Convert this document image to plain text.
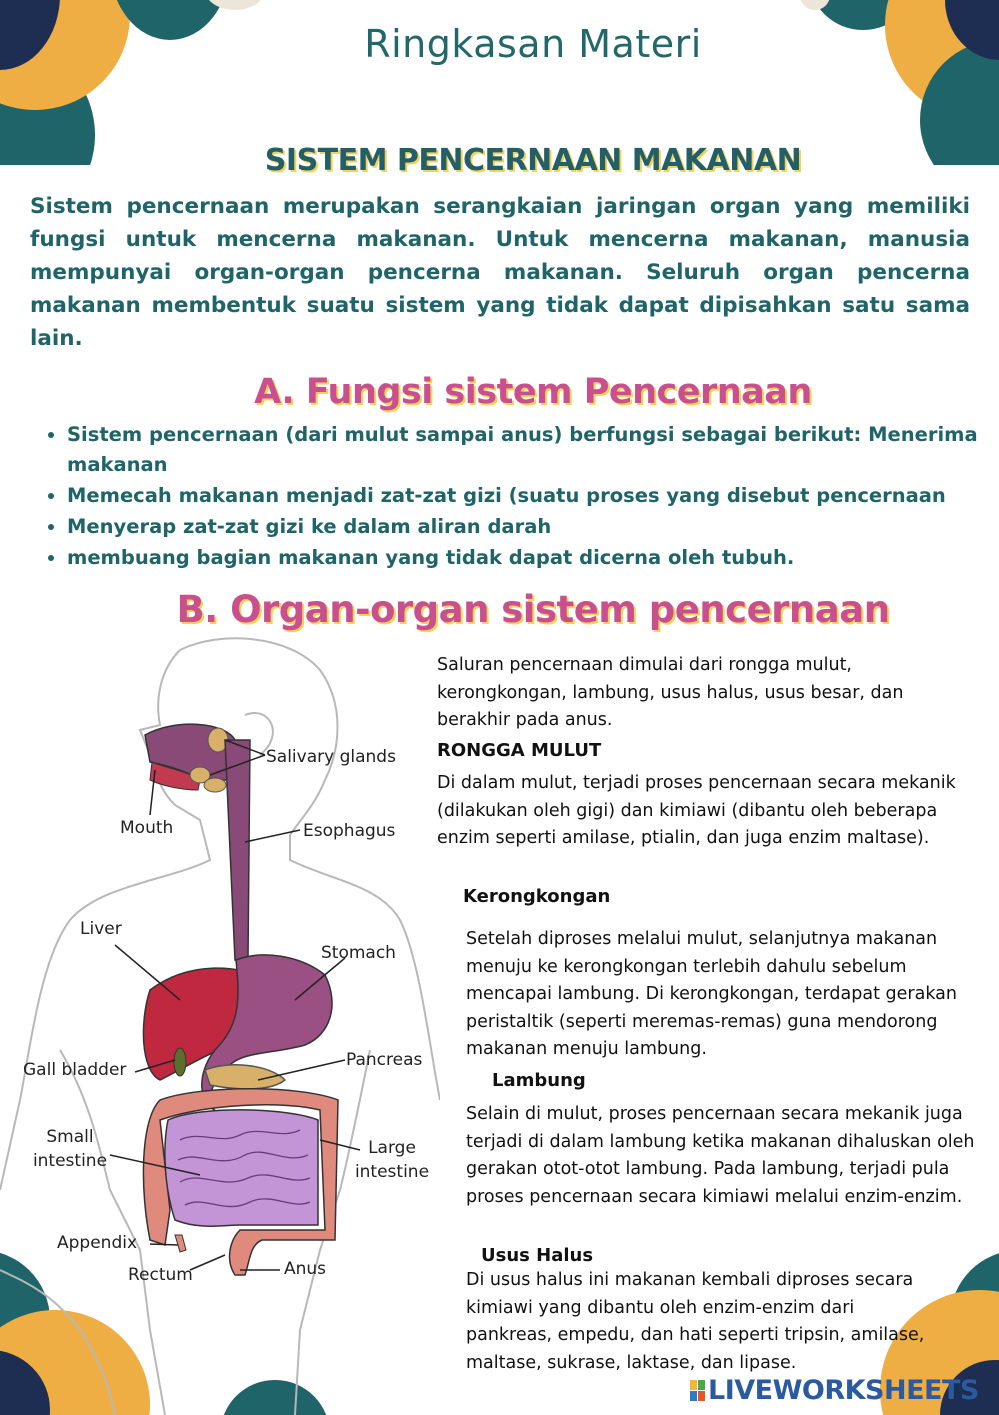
Ringkasan Materi
SISTEM PENCERNAAN MAKANAN
Sistem pencernaan merupakan serangkaian jaringan organ yang memiliki fungsi untuk mencerna makanan. Untuk mencerna makanan, manusia mempunyai organ-organ pencerna makanan. Seluruh organ pencerna makanan membentuk suatu sistem yang tidak dapat dipisahkan satu sama lain.
A. Fungsi sistem Pencernaan
• Sistem pencernaan (dari mulut sampai anus) berfungsi sebagai berikut: Menerima makanan
• Memecah makanan menjadi zat-zat gizi (suatu proses yang disebut pencernaan
• Menyerap zat-zat gizi ke dalam aliran darah
• membuang bagian makanan yang tidak dapat dicerna oleh tubuh.
B. Organ-organ sistem pencernaan
Salivary glands
Mouth	Esophagus
Liver
Stomach
Gall bladder	Pancreas
Small
intestine
Large
intestine
Appendix
Rectum	Anus
Saluran pencernaan dimulai dari rongga mulut, kerongkongan, lambung, usus halus, usus besar, dan berakhir pada anus.
RONGGA MULUT
Di dalam mulut, terjadi proses pencernaan secara mekanik (dilakukan oleh gigi) dan kimiawi (dibantu oleh beberapa enzim seperti amilase, ptialin, dan juga enzim maltase).
Kerongkongan
Setelah diproses melalui mulut, selanjutnya makanan menuju ke kerongkongan terlebih dahulu sebelum mencapai lambung. Di kerongkongan, terdapat gerakan peristaltik (seperti meremas-remas) guna mendorong makanan menuju lambung.
Lambung
Selain di mulut, proses pencernaan secara mekanik juga terjadi di dalam lambung ketika makanan dihaluskan oleh gerakan otot-otot lambung. Pada lambung, terjadi pula proses pencernaan secara kimiawi melalui enzim-enzim.
Usus Halus
Di usus halus ini makanan kembali diproses secara kimiawi yang dibantu oleh enzim-enzim dari pankreas, empedu, dan hati seperti tripsin, amilase, maltase, sukrase, laktase, dan lipase.
LIVEWORKSHEETS
